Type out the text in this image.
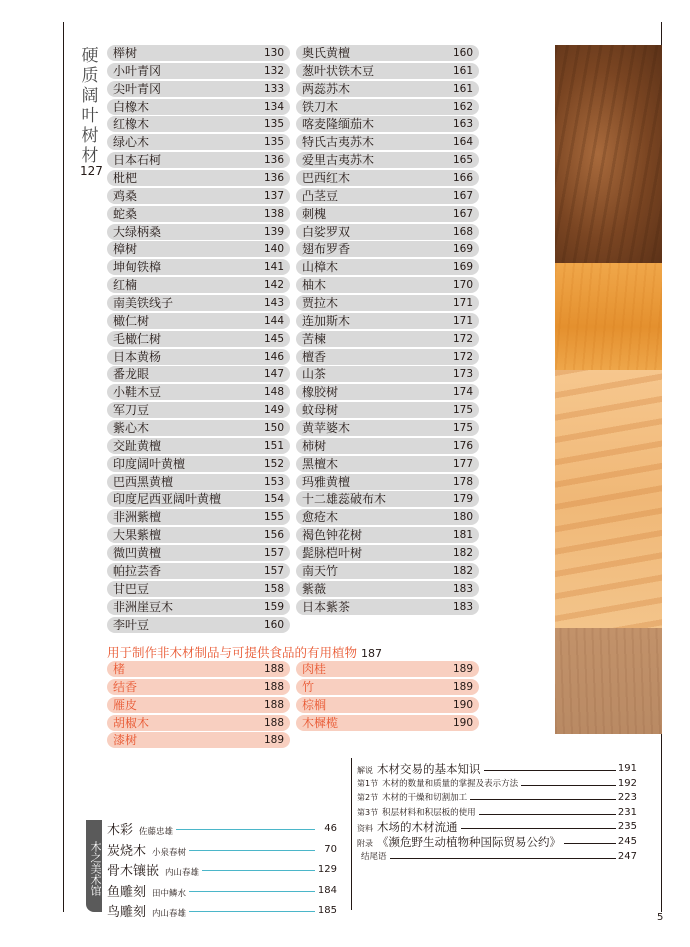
硬质阔叶树材
127
榉树	130
小叶青冈	132
尖叶青冈	133
白橡木	134
红橡木	135
绿心木	135
日本石柯	136
枇杷	136
鸡桑	137
蛇桑	138
大绿柄桑	139
樟树	140
坤甸铁樟	141
红楠	142
南美铁线子	143
橄仁树	144
毛橄仁树	145
日本黄杨	146
番龙眼	147
小鞋木豆	148
军刀豆	149
紫心木	150
交趾黄檀	151
印度阔叶黄檀	152
巴西黑黄檀	153
印度尼西亚阔叶黄檀	154
非洲紫檀	155
大果紫檀	156
微凹黄檀	157
帕拉芸香	157
甘巴豆	158
非洲崖豆木	159
李叶豆	160
奥氏黄檀	160
葱叶状铁木豆	161
两蕊苏木	161
铁刀木	162
喀麦隆缅茄木	163
特氏古夷苏木	164
爱里古夷苏木	165
巴西红木	166
凸茎豆	167
刺槐	167
白娑罗双	168
翅布罗香	169
山樟木	169
柚木	170
贾拉木	171
连加斯木	171
苦楝	172
檀香	172
山茶	173
橡胶树	174
蚊母树	175
黄苹婆木	175
柿树	176
黑檀木	177
玛雅黄檀	178
十二雄蕊破布木	179
愈疮木	180
褐色钟花树	181
髭脉桤叶树	182
南天竹	182
紫薇	183
日本紫茶	183
用于制作非木材制品与可提供食品的有用植物 187
楮	188
结香	188
雁皮	188
胡椒木	188
漆树	189
肉桂	189
竹	189
棕榈	190
木樨榄	190
解说 木材交易的基本知识	191
第1节 木材的数量和质量的掌握及表示方法	192
第2节 木材的干燥和切割加工	223
第3节 积层材料和积层板的使用	231
资料 木场的木材流通	235
附录 《濒危野生动植物种国际贸易公约》	245
结尾语	247
木之美术馆
木彩 佐藤忠雄	46
炭烧木 小泉春树	70
骨木镶嵌 内山春雄	129
鱼雕刻 田中鳞水	184
鸟雕刻 内山春雄	185
5
